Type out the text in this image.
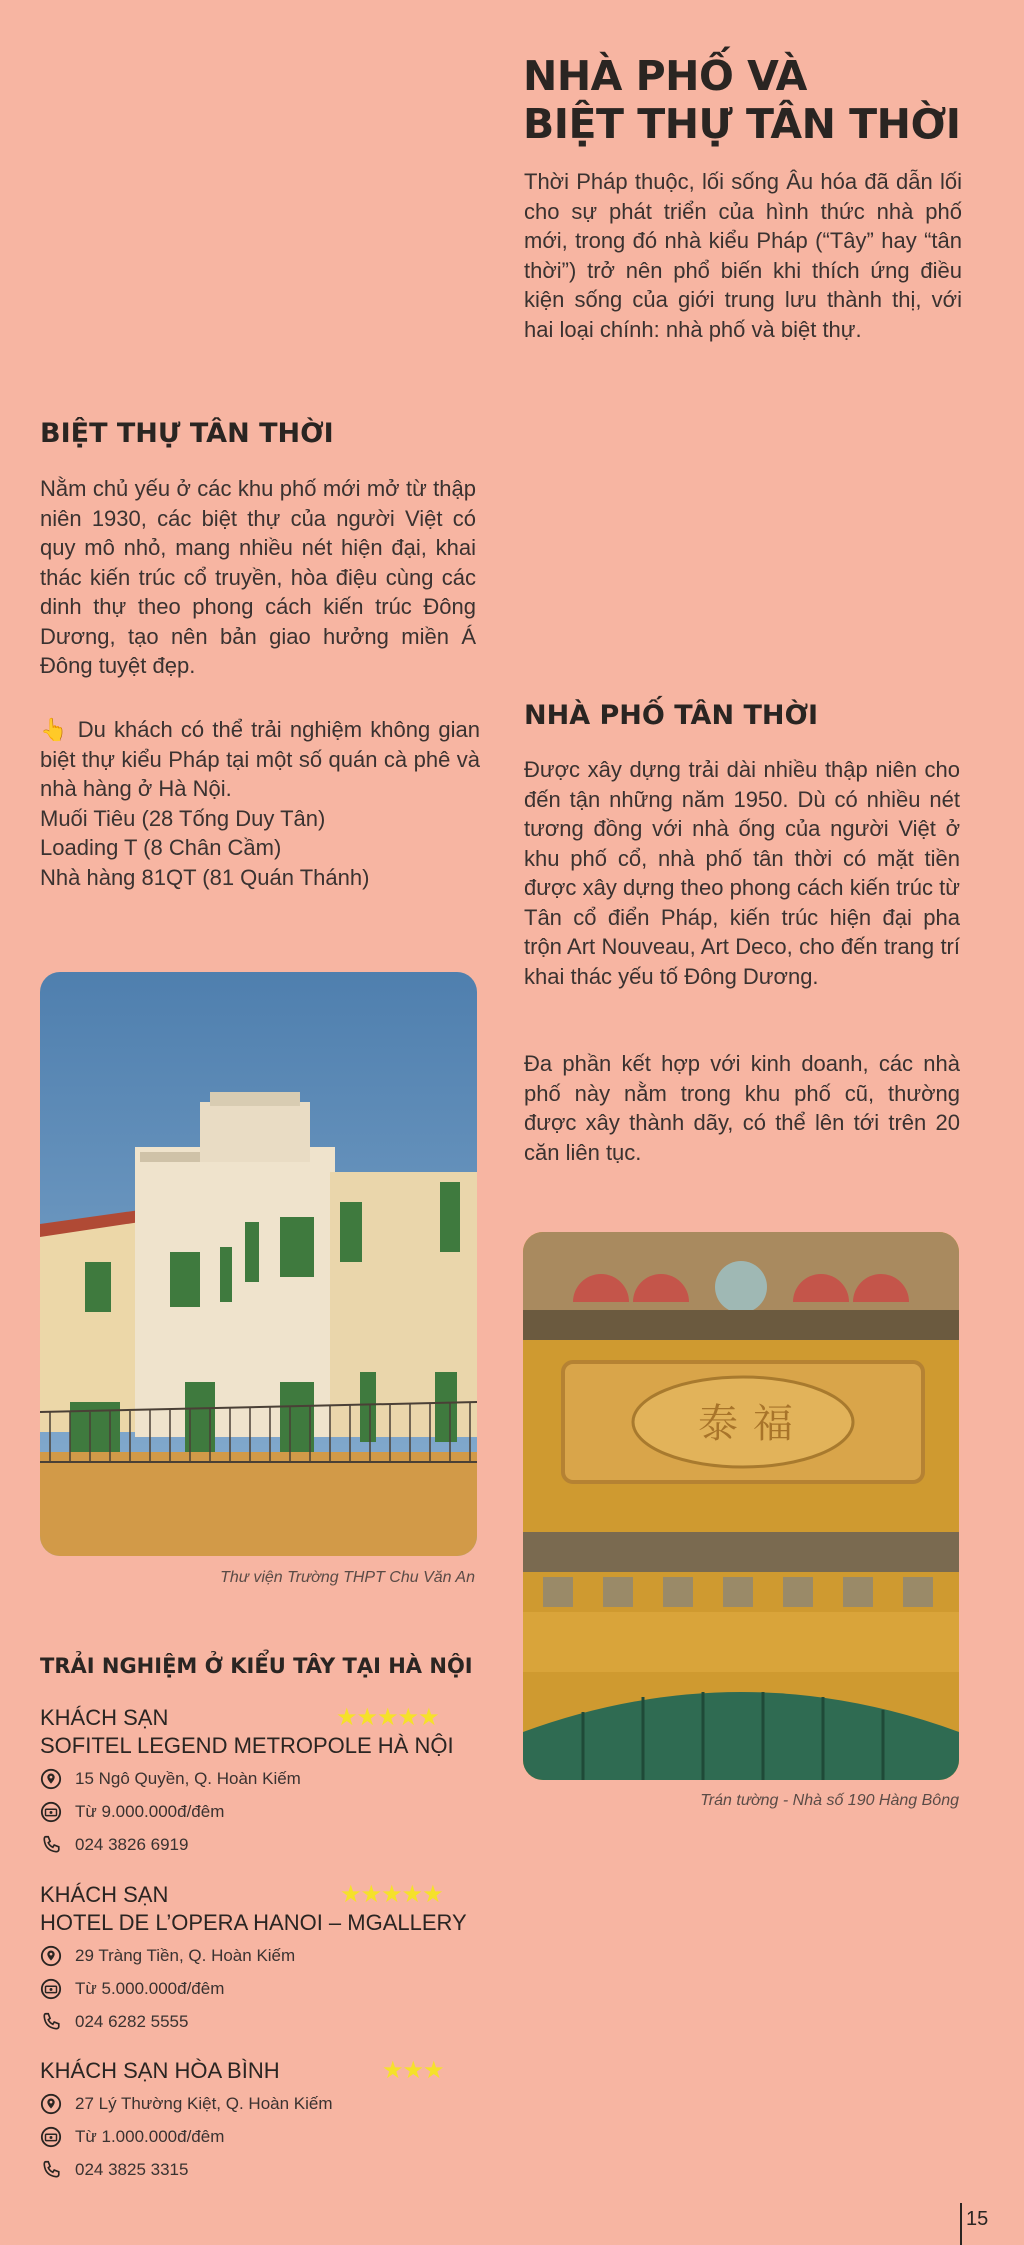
NHÀ PHỐ VÀ
BIỆT THỰ TÂN THỜI
Thời Pháp thuộc, lối sống Âu hóa đã dẫn lối cho sự phát triển của hình thức nhà phố mới, trong đó nhà kiểu Pháp (“Tây” hay “tân thời”) trở nên phổ biến khi thích ứng điều kiện sống của giới trung lưu thành thị, với hai loại chính: nhà phố và biệt thự.
BIỆT THỰ TÂN THỜI
Nằm chủ yếu ở các khu phố mới mở từ thập niên 1930, các biệt thự của người Việt có quy mô nhỏ, mang nhiều nét hiện đại, khai thác kiến trúc cổ truyền, hòa điệu cùng các dinh thự theo phong cách kiến trúc Đông Dương, tạo nên bản giao hưởng miền Á Đông tuyệt đẹp.
👆 Du khách có thể trải nghiệm không gian biệt thự kiểu Pháp tại một số quán cà phê và nhà hàng ở Hà Nội.
Muối Tiêu (28 Tống Duy Tân)
Loading T (8 Chân Cầm)
Nhà hàng 81QT (81 Quán Thánh)
Thư viện Trường THPT Chu Văn An
NHÀ PHỐ TÂN THỜI
Được xây dựng trải dài nhiều thập niên cho đến tận những năm 1950. Dù có nhiều nét tương đồng với nhà ống của người Việt ở khu phố cổ, nhà phố tân thời có mặt tiền được xây dựng theo phong cách kiến trúc từ Tân cổ điển Pháp, kiến trúc hiện đại pha trộn Art Nouveau, Art Deco, cho đến trang trí khai thác yếu tố Đông Dương.
Đa phần kết hợp với kinh doanh, các nhà phố này nằm trong khu phố cũ, thường được xây thành dãy, có thể lên tới trên 20 căn liên tục.
泰 福
Trán tường - Nhà số 190 Hàng Bông
TRẢI NGHIỆM Ở KIỂU TÂY TẠI HÀ NỘI
KHÁCH SẠN
SOFITEL LEGEND METROPOLE HÀ NỘI
★★★★★
15 Ngô Quyền, Q. Hoàn Kiếm
Từ 9.000.000đ/đêm
024 3826 6919
KHÁCH SẠN
HOTEL DE L’OPERA HANOI – MGALLERY
★★★★★
29 Tràng Tiền, Q. Hoàn Kiếm
Từ 5.000.000đ/đêm
024 6282 5555
KHÁCH SẠN HÒA BÌNH	★★★
27 Lý Thường Kiệt, Q. Hoàn Kiếm
Từ 1.000.000đ/đêm
024 3825 3315
15
